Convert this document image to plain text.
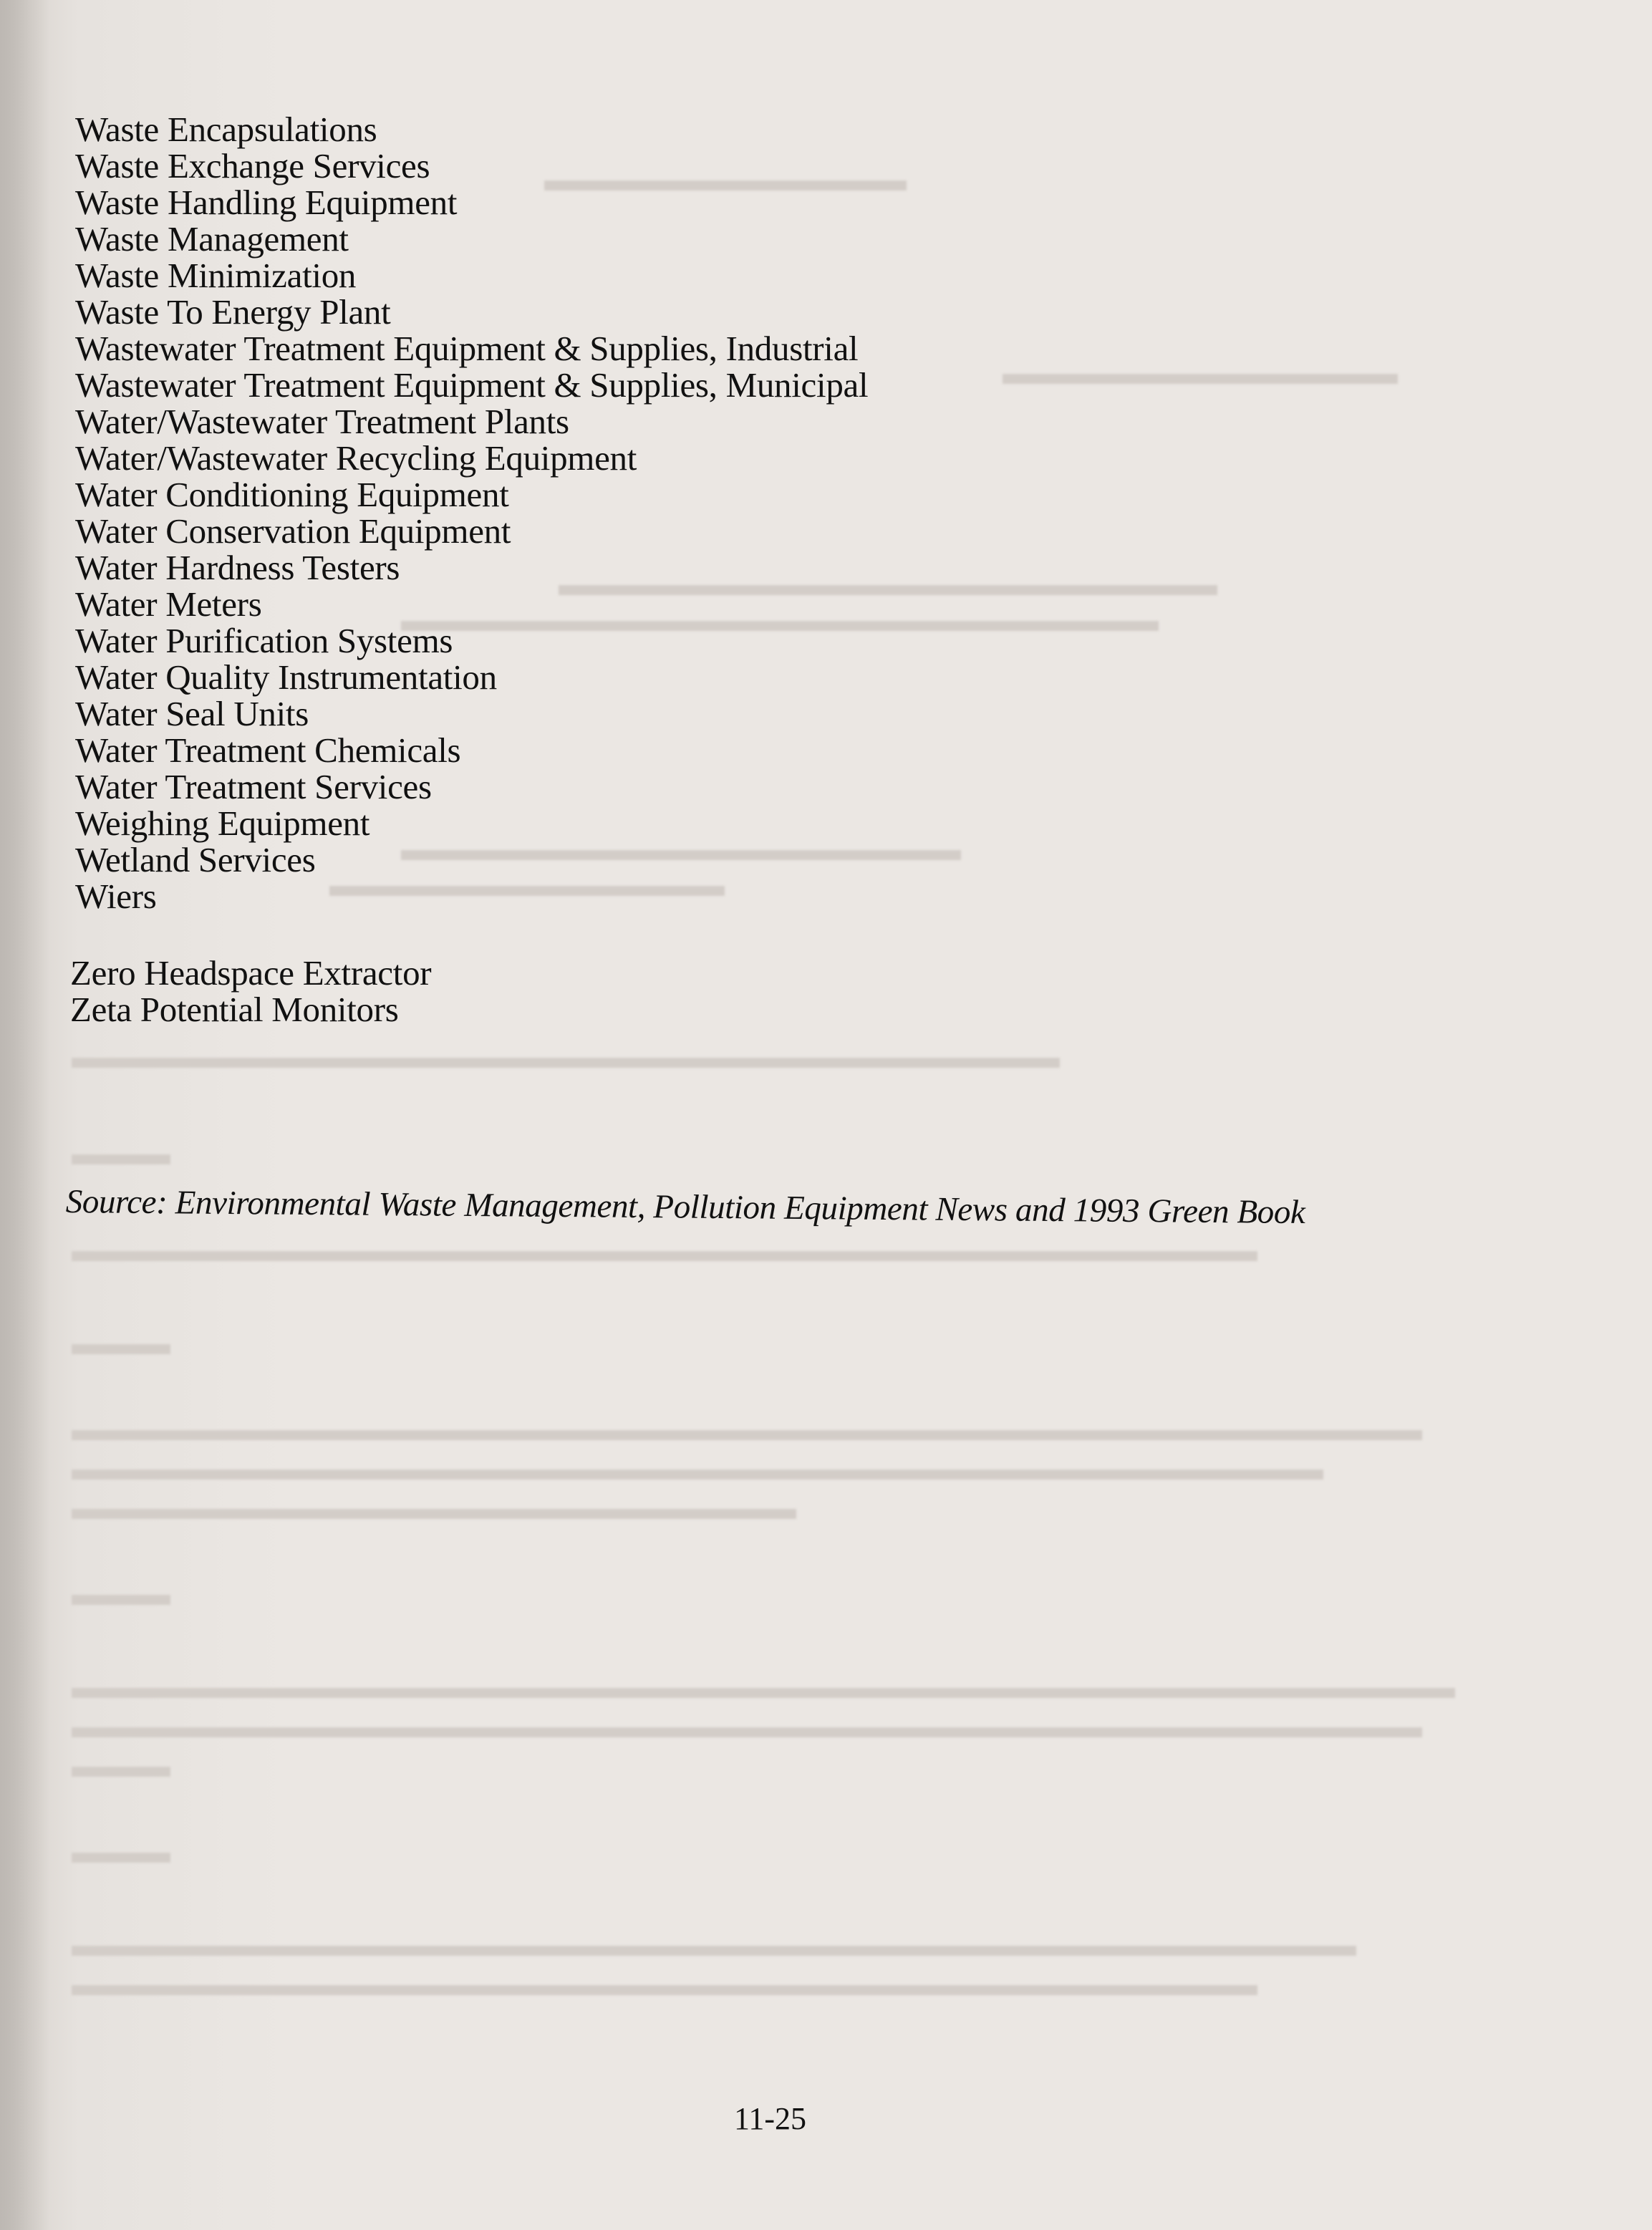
▬▬▬▬▬▬▬▬▬▬▬
▬▬▬▬▬▬▬▬▬▬▬▬
▬▬▬▬▬▬▬▬▬▬▬▬▬▬▬▬▬▬▬▬
▬▬▬▬▬▬▬▬▬▬▬▬▬▬▬▬▬▬▬▬▬▬▬
▬▬▬▬▬▬▬▬▬▬▬▬▬▬▬▬▬
▬▬▬▬▬▬▬▬▬▬▬▬
▬▬▬▬▬▬▬▬▬▬▬▬▬▬▬▬▬▬▬▬▬▬▬▬▬▬▬▬▬▬
▬▬▬
▬▬▬▬▬▬▬▬▬▬▬▬▬▬▬▬▬▬▬▬▬▬▬▬▬▬▬▬▬▬▬▬▬▬▬▬
▬▬▬
▬▬▬▬▬▬▬▬▬▬▬▬▬▬▬▬▬▬▬▬▬▬▬▬▬▬▬▬▬▬▬▬▬▬▬▬▬▬▬▬▬
▬▬▬▬▬▬▬▬▬▬▬▬▬▬▬▬▬▬▬▬▬▬▬▬▬▬▬▬▬▬▬▬▬▬▬▬▬▬
▬▬▬▬▬▬▬▬▬▬▬▬▬▬▬▬▬▬▬▬▬▬
▬▬▬
▬▬▬▬▬▬▬▬▬▬▬▬▬▬▬▬▬▬▬▬▬▬▬▬▬▬▬▬▬▬▬▬▬▬▬▬▬▬▬▬▬▬
▬▬▬▬▬▬▬▬▬▬▬▬▬▬▬▬▬▬▬▬▬▬▬▬▬▬▬▬▬▬▬▬▬▬▬▬▬▬▬▬▬
▬▬▬
▬▬▬
▬▬▬▬▬▬▬▬▬▬▬▬▬▬▬▬▬▬▬▬▬▬▬▬▬▬▬▬▬▬▬▬▬▬▬▬▬▬▬
▬▬▬▬▬▬▬▬▬▬▬▬▬▬▬▬▬▬▬▬▬▬▬▬▬▬▬▬▬▬▬▬▬▬▬▬
Waste Encapsulations
Waste Exchange Services
Waste Handling Equipment
Waste Management
Waste Minimization
Waste To Energy Plant
Wastewater Treatment Equipment & Supplies, Industrial
Wastewater Treatment Equipment & Supplies, Municipal
Water/Wastewater Treatment Plants
Water/Wastewater Recycling Equipment
Water Conditioning Equipment
Water Conservation Equipment
Water Hardness Testers
Water Meters
Water Purification Systems
Water Quality Instrumentation
Water Seal Units
Water Treatment Chemicals
Water Treatment Services
Weighing Equipment
Wetland Services
Wiers
Zero Headspace Extractor
Zeta Potential Monitors
Source: Environmental Waste Management, Pollution Equipment News and 1993 Green Book
11-25
